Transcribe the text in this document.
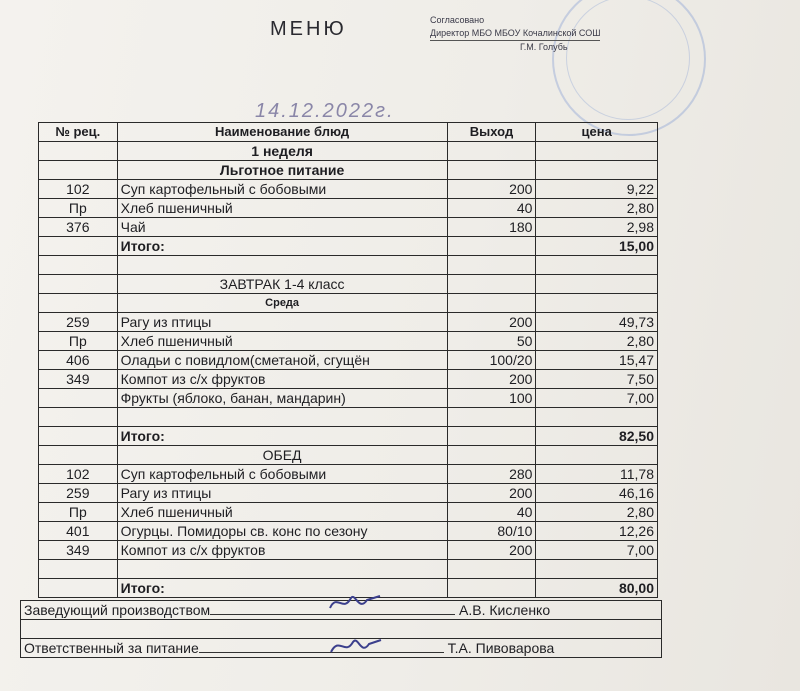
МЕНЮ	Согласовано
Директор МБО МБОУ Кочалинской СОШ
Г.М. Голубь
14.12.2022г.
№ рец.	Наименование блюд	Выход	цена
	1 неделя		
	Льготное питание		
102	Суп картофельный с бобовыми	200	9,22
Пр	Хлеб пшеничный	40	2,80
376	Чай	180	2,98
	Итого:		15,00

	ЗАВТРАК 1-4 класс		
	Среда		
259	Рагу из птицы	200	49,73
Пр	Хлеб пшеничный	50	2,80
406	Оладьи с повидлом(сметаной, сгущён	100/20	15,47
349	Компот из с/х фруктов	200	7,50
	Фрукты (яблоко, банан, мандарин)	100	7,00

	Итого:		82,50
	ОБЕД		
102	Суп картофельный с бобовыми	280	11,78
259	Рагу из птицы	200	46,16
Пр	Хлеб пшеничный	40	2,80
401	Огурцы. Помидоры св. конс по сезону	80/10	12,26
349	Компот из с/х фруктов	200	7,00

	Итого:		80,00
Заведующий производством	А.В. Кисленко

Ответственный за питание	Т.А. Пивоварова
